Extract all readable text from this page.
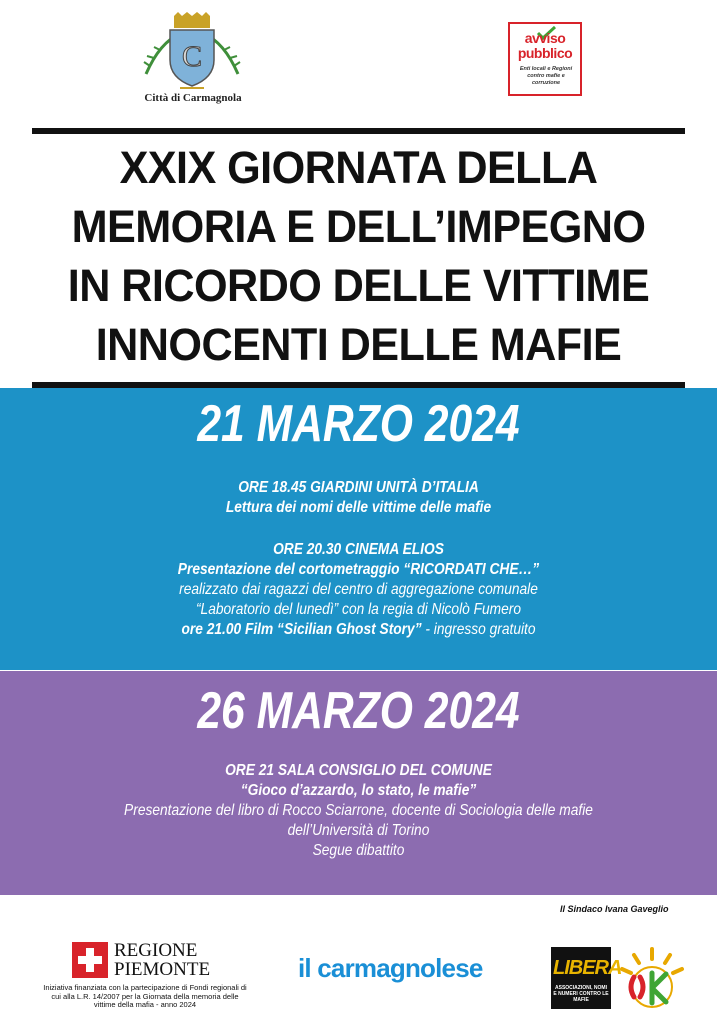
C
Città di Carmagnola
avviso
pubblico
Enti locali e Regioni contro mafie e corruzione
XXIX GIORNATA DELLA
MEMORIA E DELL’IMPEGNO
IN RICORDO DELLE VITTIME
INNOCENTI DELLE MAFIE
21 MARZO 2024
ORE 18.45 GIARDINI UNITÀ D’ITALIA
Lettura dei nomi delle vittime delle mafie
ORE 20.30 CINEMA ELIOS
Presentazione del cortometraggio “RICORDATI CHE…”
realizzato dai ragazzi del centro di aggregazione comunale
“Laboratorio del lunedì” con la regia di Nicolò Fumero
ore 21.00 Film “Sicilian Ghost Story” - ingresso gratuito
26 MARZO 2024
ORE 21 SALA CONSIGLIO DEL COMUNE
“Gioco d’azzardo, lo stato, le mafie”
Presentazione del libro di Rocco Sciarrone, docente di Sociologia delle mafie
dell’Università di Torino
Segue dibattito
Il Sindaco Ivana Gaveglio
REGIONE
PIEMONTE
Iniziativa finanziata con la partecipazione di Fondi regionali di cui alla L.R. 14/2007 per la Giornata della memoria delle vittime della mafia - anno 2024
il carmagnolese	LIBERA
ASSOCIAZIONI, NOMI E NUMERI CONTRO LE MAFIE
